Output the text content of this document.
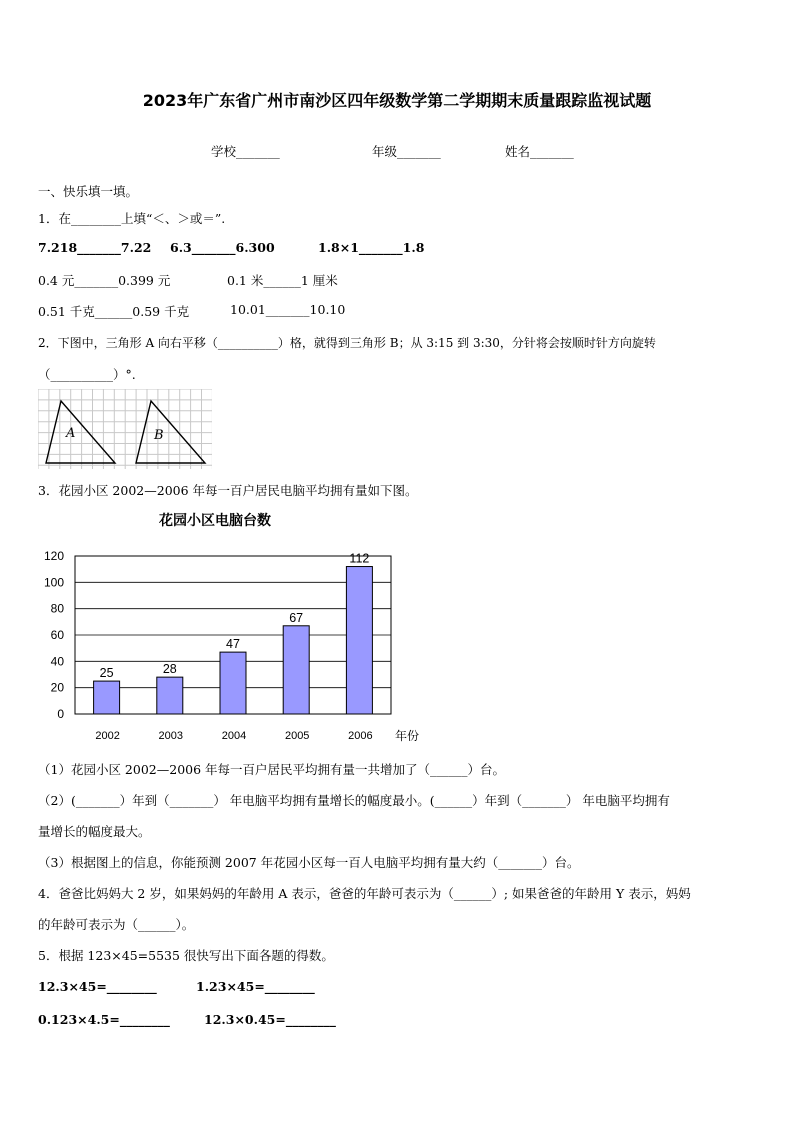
2023年广东省广州市南沙区四年级数学第二学期期末质量跟踪监视试题
学校_______	年级_______	姓名_______
一、快乐填一填。
1．在________上填“＜、＞或＝”.
7.218_______7.22 6.3_______6.300	1.8×1_______1.8
0.4 元_______0.399 元	0.1 米______1 厘米
0.51 千克______0.59 千克	10.01_______10.10
2．下图中，三角形 A 向右平移（__________）格，就得到三角形 B；从 3:15 到 3:30，分针将会按顺时针方向旋转
（__________）°.
A	B
3．花园小区 2002—2006 年每一百户居民电脑平均拥有量如下图。
花园小区电脑台数
0
20
40
60
80
100
120
25	28
47
67
112
2002	2003	2004	2005	2006 年份
（1）花园小区 2002—2006 年每一百户居民平均拥有量一共增加了（______）台。
（2）(_______）年到（_______） 年电脑平均拥有量增长的幅度最小。(______）年到（_______） 年电脑平均拥有
量增长的幅度最大。
（3）根据图上的信息，你能预测 2007 年花园小区每一百人电脑平均拥有量大约（_______）台。
4．爸爸比妈妈大 2 岁，如果妈妈的年龄用 A 表示，爸爸的年龄可表示为（______）; 如果爸爸的年龄用 Y 表示，妈妈
的年龄可表示为（______）。
5．根据 123×45=5535 很快写出下面各题的得数。
12.3×45=________	1.23×45=________
0.123×4.5=________	12.3×0.45=________
